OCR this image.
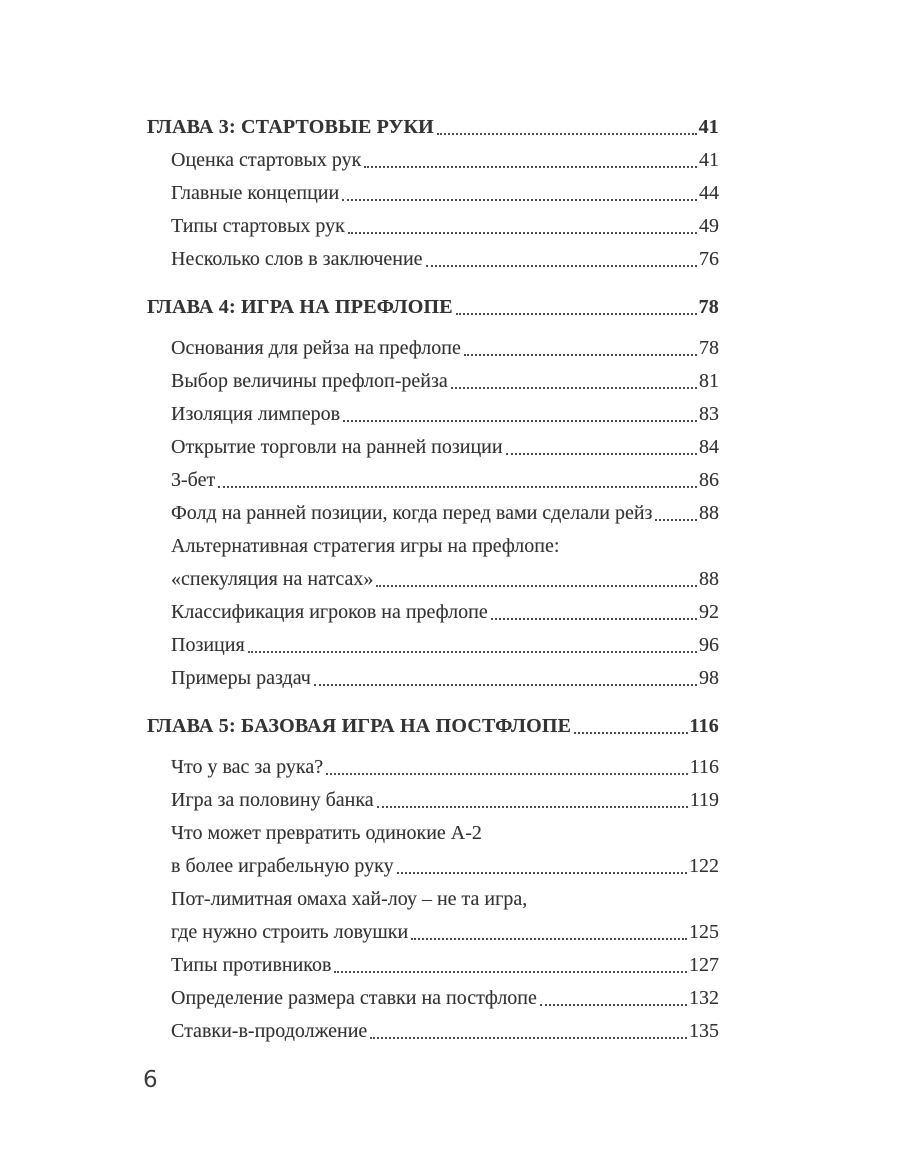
ГЛАВА 3: СТАРТОВЫЕ РУКИ	41
Оценка стартовых рук	41
Главные концепции	44
Типы стартовых рук	49
Несколько слов в заключение	76
ГЛАВА 4: ИГРА НА ПРЕФЛОПЕ	78
Основания для рейза на префлопе	78
Выбор величины префлоп-рейза	81
Изоляция лимперов	83
Открытие торговли на ранней позиции	84
3-бет	86
Фолд на ранней позиции, когда перед вами сделали рейз 88
Альтернативная стратегия игры на префлопе:
«спекуляция на натсах»	88
Классификация игроков на префлопе	92
Позиция	96
Примеры раздач	98
ГЛАВА 5: БАЗОВАЯ ИГРА НА ПОСТФЛОПЕ	116
Что у вас за рука?	116
Игра за половину банка	119
Что может превратить одинокие А-2
в более играбельную руку	122
Пот-лимитная омаха хай-лоу – не та игра,
где нужно строить ловушки	125
Типы противников	127
Определение размера ставки на постфлопе	132
Ставки-в-продолжение	135
6
